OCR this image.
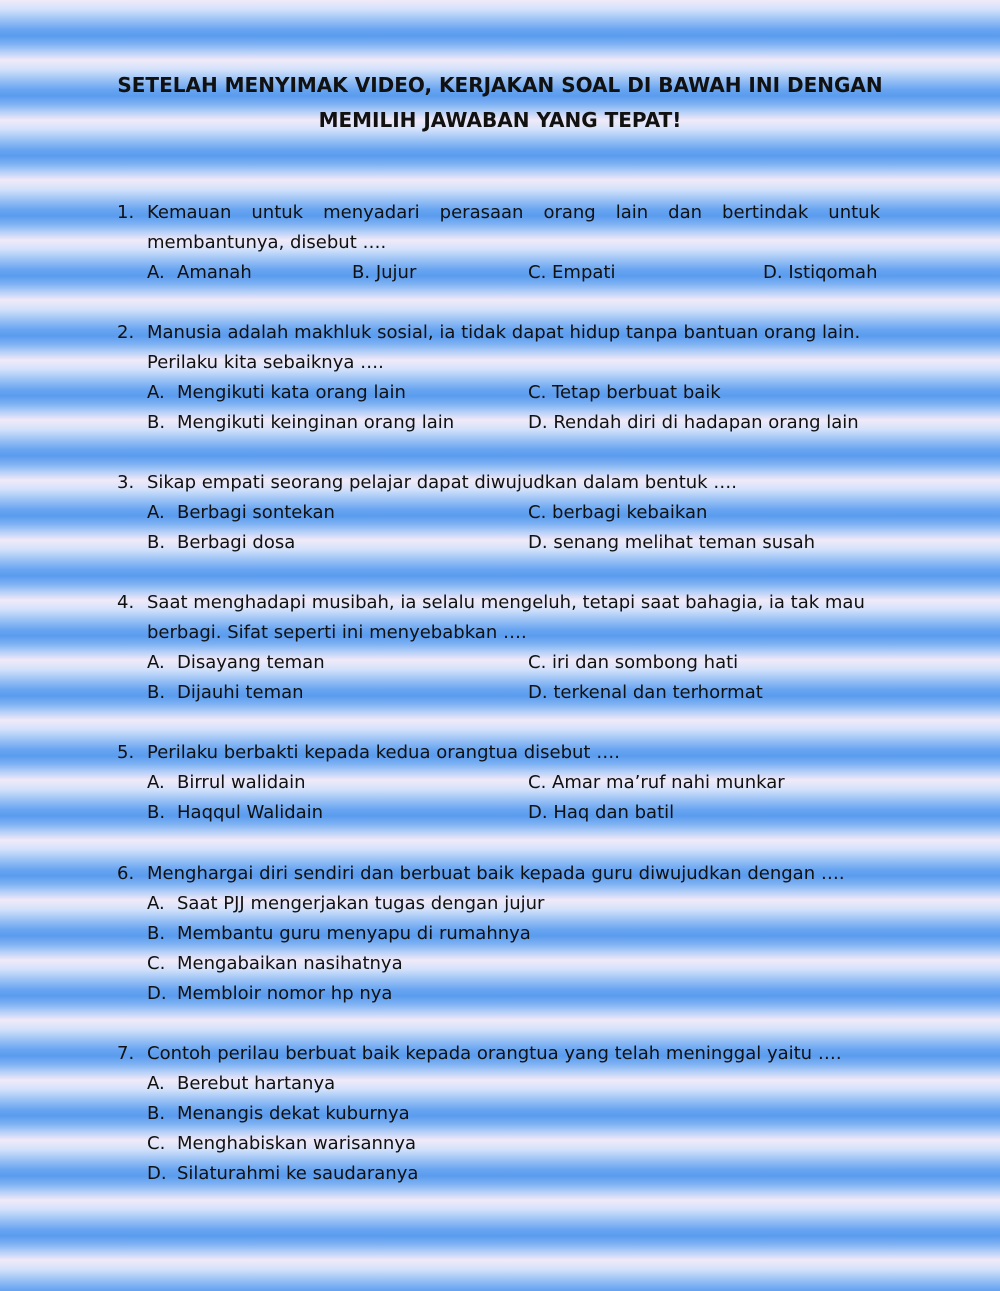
SETELAH MENYIMAK VIDEO, KERJAKAN SOAL DI BAWAH INI DENGAN
MEMILIH JAWABAN YANG TEPAT!
1. Kemauan untuk menyadari perasaan orang lain dan bertindak untuk
membantunya, disebut ….
A. Amanah	B. Jujur	C. Empati	D. Istiqomah
2. Manusia adalah makhluk sosial, ia tidak dapat hidup tanpa bantuan orang lain.
Perilaku kita sebaiknya ….
A. Mengikuti kata orang lain	C. Tetap berbuat baik
B. Mengikuti keinginan orang lain	D. Rendah diri di hadapan orang lain
3. Sikap empati seorang pelajar dapat diwujudkan dalam bentuk ….
A. Berbagi sontekan	C. berbagi kebaikan
B. Berbagi dosa	D. senang melihat teman susah
4. Saat menghadapi musibah, ia selalu mengeluh, tetapi saat bahagia, ia tak mau
berbagi. Sifat seperti ini menyebabkan ….
A. Disayang teman	C. iri dan sombong hati
B. Dijauhi teman	D. terkenal dan terhormat
5. Perilaku berbakti kepada kedua orangtua disebut ….
A. Birrul walidain	C. Amar ma’ruf nahi munkar
B. Haqqul Walidain	D. Haq dan batil
6. Menghargai diri sendiri dan berbuat baik kepada guru diwujudkan dengan ….
A. Saat PJJ mengerjakan tugas dengan jujur
B. Membantu guru menyapu di rumahnya
C. Mengabaikan nasihatnya
D. Membloir nomor hp nya
7. Contoh perilau berbuat baik kepada orangtua yang telah meninggal yaitu ….
A. Berebut hartanya
B. Menangis dekat kuburnya
C. Menghabiskan warisannya
D. Silaturahmi ke saudaranya
